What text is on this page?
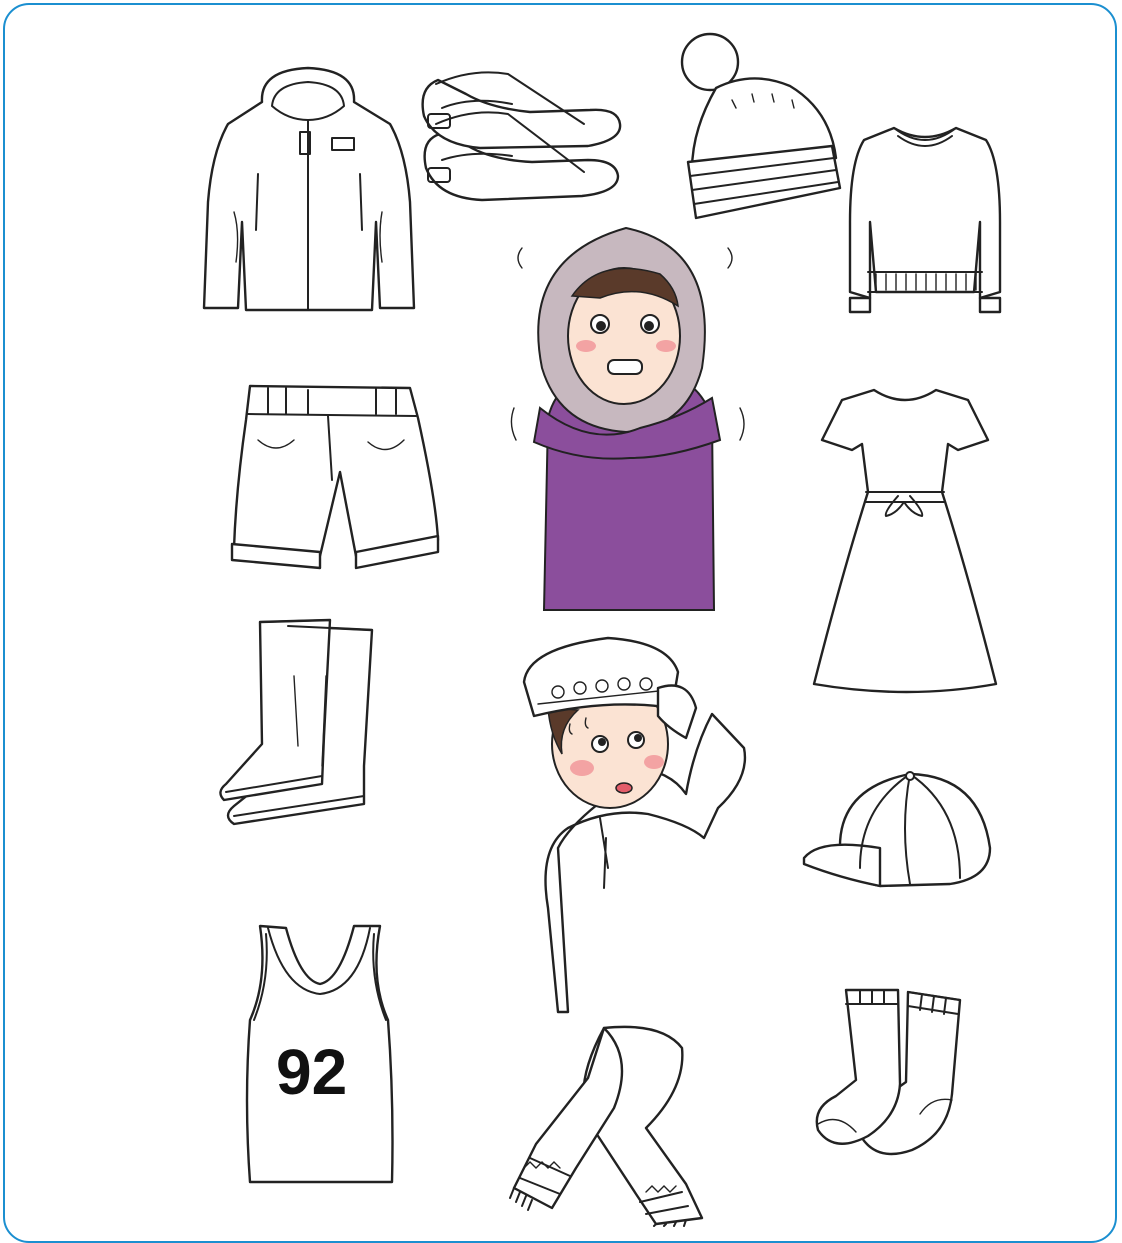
92
